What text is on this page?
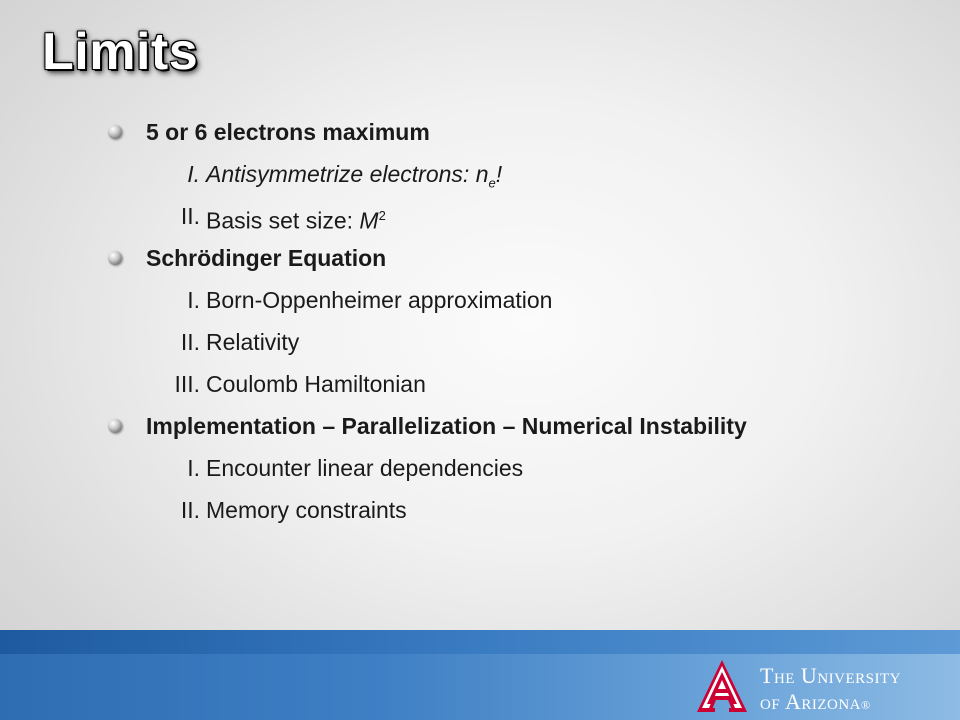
Limits
5 or 6 electrons maximum
I. Antisymmetrize electrons: $n_e$!
II. Basis set size: $M^2$
Schrödinger Equation
I. Born-Oppenheimer approximation
II. Relativity
III. Coulomb Hamiltonian
Implementation – Parallelization – Numerical Instability
I. Encounter linear dependencies
II. Memory constraints
The University
of Arizona®
